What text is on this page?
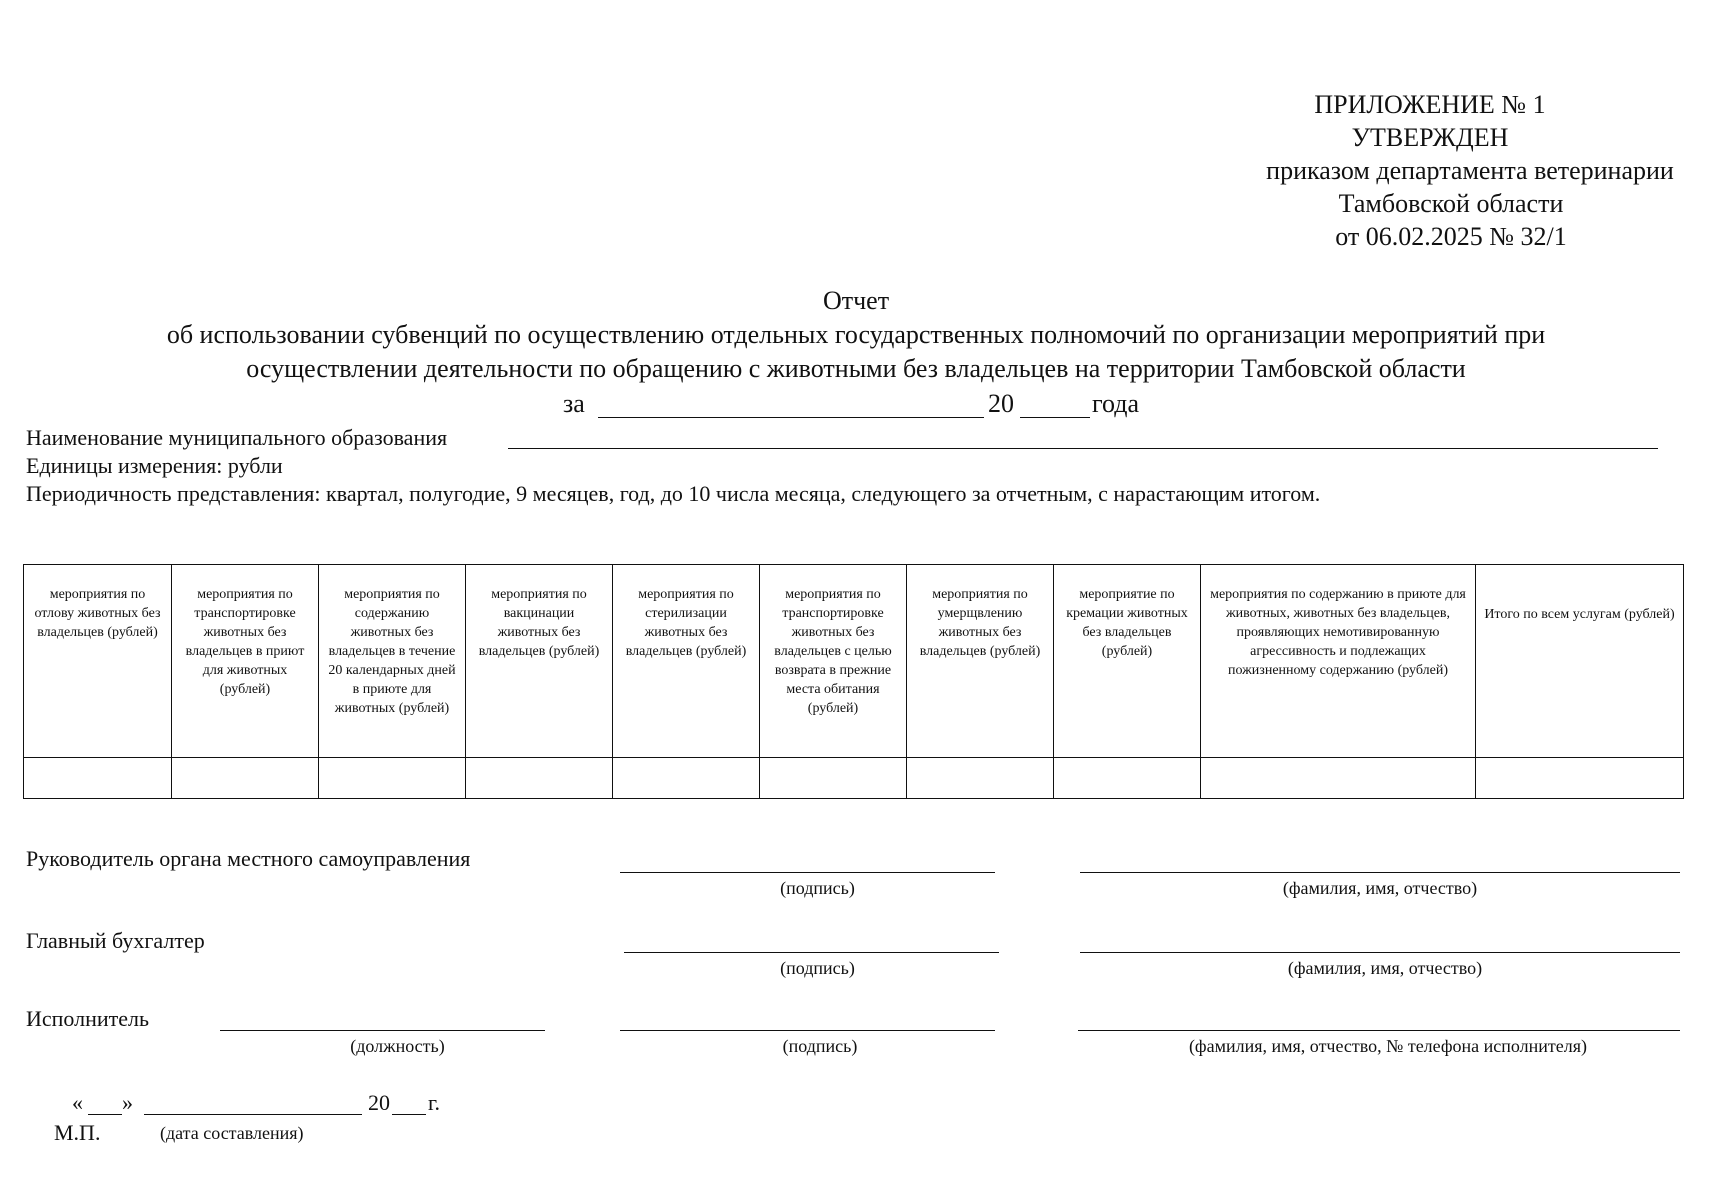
ПРИЛОЖЕНИЕ № 1
УТВЕРЖДЕН
приказом департамента ветеринарии
Тамбовской области
от 06.02.2025 № 32/1
Отчет
об использовании субвенций по осуществлению отдельных государственных полномочий по организации мероприятий при
осуществлении деятельности по обращению с животными без владельцев на территории Тамбовской области
за	20	года
Наименование муниципального образования
Единицы измерения: рубли
Периодичность представления: квартал, полугодие, 9 месяцев, год, до 10 числа месяца, следующего за отчетным, с нарастающим итогом.
мероприятия по отлову животных без владельцев (рублей)	мероприятия по транспортировке животных без владельцев в приют для животных (рублей)	мероприятия по содержанию животных без владельцев в течение 20 календарных дней в приюте для животных (рублей)	мероприятия по вакцинации животных без владельцев (рублей)	мероприятия по стерилизации животных без владельцев (рублей)	мероприятия по транспортировке животных без владельцев с целью возврата в прежние места обитания (рублей)	мероприятия по умерщвлению животных без владельцев (рублей)	мероприятие по кремации животных без владельцев (рублей)	мероприятия по содержанию в приюте для животных, животных без владельцев, проявляющих немотивированную агрессивность и подлежащих пожизненному содержанию (рублей)	Итого по всем услугам (рублей)

Руководитель органа местного самоуправления
(подпись)	(фамилия, имя, отчество)
Главный бухгалтер
(подпись)	(фамилия, имя, отчество)
Исполнитель
(должность)	(подпись)	(фамилия, имя, отчество, № телефона исполнителя)
« »	20 г.
М.П.	(дата составления)
